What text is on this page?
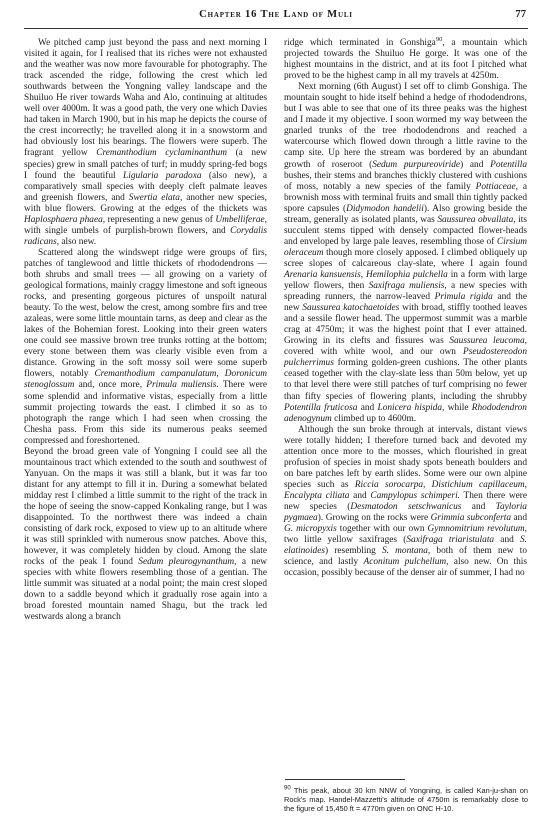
Chapter 16 The Land of Muli	77

We pitched camp just beyond the pass and next morning I visited it again, for I realised that its riches were not exhausted and the weather was now more favourable for photography. The track ascended the ridge, following the crest which led southwards between the Yongning valley landscape and the Shuiluo He river towards Waha and Alo, continuing at altitudes well over 4000m. It was a good path, the very one which Davies had taken in March 1900, but in his map he depicts the course of the crest incorrectly; he travelled along it in a snowstorm and had obviously lost his bearings. The flowers were superb. The fragrant yellow Cremanthodium cyclaminanthum (a new species) grew in small patches of turf; in muddy spring-fed bogs I found the beautiful Ligularia paradoxa (also new), a comparatively small species with deeply cleft palmate leaves and greenish flowers, and Swertia elata, another new species, with blue flowers. Growing at the edges of the thickets was Haplosphaera phaea, representing a new genus of Umbelliferae, with single umbels of purplish-brown flowers, and Corydalis radicans, also new.

Scattered along the windswept ridge were groups of firs, patches of tanglewood and little thickets of rhododendrons — both shrubs and small trees — all growing on a variety of geological formations, mainly craggy limestone and soft igneous rocks, and presenting gorgeous pictures of unspoilt natural beauty. To the west, below the crest, among sombre firs and tree azaleas, were some little mountain tarns, as deep and clear as the lakes of the Bohemian forest. Looking into their green waters one could see massive brown tree trunks rotting at the bottom; every stone between them was clearly visible even from a distance. Growing in the soft mossy soil were some superb flowers, notably Cremanthodium campanulatum, Doronicum stenoglossum and, once more, Primula muliensis. There were some splendid and informative vistas, especially from a little summit projecting towards the east. I climbed it so as to photograph the range which I had seen when crossing the Chesha pass. From this side its numerous peaks seemed compressed and foreshortened.

Beyond the broad green vale of Yongning I could see all the mountainous tract which extended to the south and southwest of Yanyuan. On the maps it was still a blank, but it was far too distant for any attempt to fill it in. During a somewhat belated midday rest I climbed a little summit to the right of the track in the hope of seeing the snow-capped Konkaling range, but I was disappointed. To the northwest there was indeed a chain consisting of dark rock, exposed to view up to an altitude where it was still sprinkled with numerous snow patches. Above this, however, it was completely hidden by cloud. Among the slate rocks of the peak I found Sedum pleurogynanthum, a new species with white flowers resembling those of a gentian. The little summit was situated at a nodal point; the main crest sloped down to a saddle beyond which it gradually rose again into a broad forested mountain named Shagu, but the track led westwards along a branch

ridge which terminated in Gonshiga$^{90}$, a mountain which projected towards the Shuiluo He gorge. It was one of the highest mountains in the district, and at its foot I pitched what proved to be the highest camp in all my travels at 4250m.

Next morning (6th August) I set off to climb Gonshiga. The mountain sought to hide itself behind a hedge of rhododendrons, but I was able to see that one of its three peaks was the highest and I made it my objective. I soon wormed my way between the gnarled trunks of the tree rhododendrons and reached a watercourse which flowed down through a little ravine to the camp site. Up here the stream was bordered by an abundant growth of roseroot (Sedum purpureoviride) and Potentilla bushes, their stems and branches thickly clustered with cushions of moss, notably a new species of the family Pottiaceae, a brownish moss with terminal fruits and small thin tightly packed spore capsules (Didymodon handelii). Also growing beside the stream, generally as isolated plants, was Saussurea obvallata, its succulent stems tipped with densely compacted flower-heads and enveloped by large pale leaves, resembling those of Cirsium oleraceum though more closely apposed. I climbed obliquely up scree slopes of calcareous clay-slate, where I again found Arenaria kansuensis, Hemilophia pulchella in a form with large yellow flowers, then Saxifraga muliensis, a new species with spreading runners, the narrow-leaved Primula rigida and the new Saussurea katochaetoides with broad, stiffly toothed leaves and a sessile flower head. The uppermost summit was a marble crag at 4750m; it was the highest point that I ever attained. Growing in its clefts and fissures was Saussurea leucoma, covered with white wool, and our own Pseudostereodon pulcherrimus forming golden-green cushions. The other plants ceased together with the clay-slate less than 50m below, yet up to that level there were still patches of turf comprising no fewer than fifty species of flowering plants, including the shrubby Potentilla fruticosa and Lonicera hispida, while Rhododendron adenogynum climbed up to 4600m.

Although the sun broke through at intervals, distant views were totally hidden; I therefore turned back and devoted my attention once more to the mosses, which flourished in great profusion of species in moist shady spots beneath boulders and on bare patches left by earth slides. Some were our own alpine species such as Riccia sorocarpa, Distichium capillaceum, Encalypta ciliata and Campylopus schimperi. Then there were new species (Desmatodon setschwanicus and Tayloria pygmaea). Growing on the rocks were Grimmia subconferta and G. micropyxis together with our own Gymnomitrium revolutum, two little yellow saxifrages (Saxifraga triaristulata and S. elatinoides) resembling S. montana, both of them new to science, and lastly Aconitum pulchellum, also new. On this occasion, possibly because of the denser air of summer, I had no

$^{90}$ This peak, about 30 km NNW of Yongning, is called Kan-ju-shan on Rock's map. Handel-Mazzetti's altitude of 4750m is remarkably close to the figure of 15,450 ft = 4770m given on ONC H-10.
